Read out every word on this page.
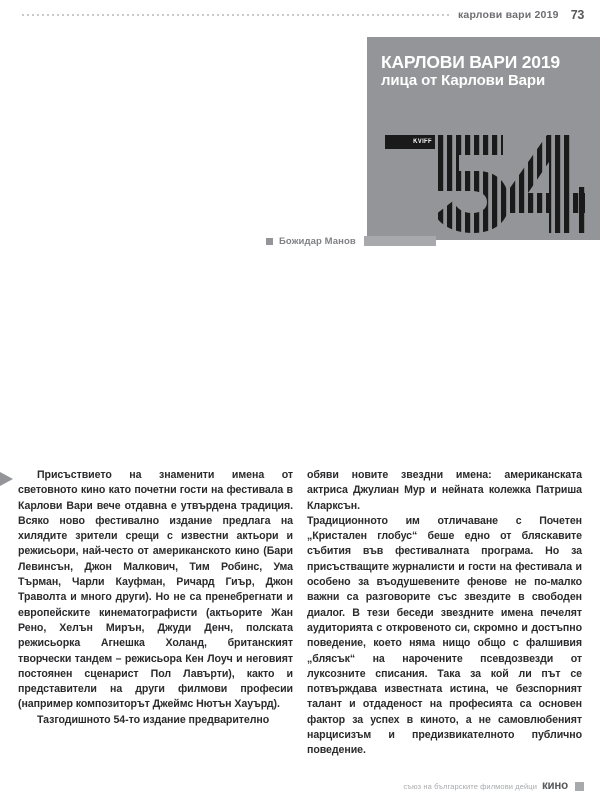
карлови вари 2019 73
КАРЛОВИ ВАРИ 2019
лица от Карлови Вари
KVIFF
Божидар Манов

Присъствието на знаменити имена от световното кино като почетни гости на фестивала в Карлови Вари вече отдавна е утвърдена традиция. Всяко ново фестивално издание предлага на хилядите зрители срещи с известни актьори и режисьори, най-често от американското кино (Бари Левинсън, Джон Малкович, Тим Робинс, Ума Търман, Чарли Кауфман, Ричард Гиър, Джон Траволта и много други). Но не са пренебрегнати и европейските кинематографисти (актьорите Жан Рено, Хелън Мирън, Джуди Денч, полската режисьорка Агнешка Холанд, британският творчески тандем – режисьора Кен Лоуч и неговият постоянен сценарист Пол Лавърти), както и представители на други филмови професии (например композиторът Джеймс Нютън Хауърд).

Тазгодишното 54-то издание предварително

обяви новите звездни имена: американската актриса Джулиан Мур и нейната колежка Патриша Кларксън.

Традиционното им отличаване с Почетен „Кристален глобус“ беше едно от блясκавите събития във фестивалната програма. Но за присъстващите журналисти и гости на фестивала и особено за въодушевените фенове не по-малко важни са разговорите със звездите в свободен диалог. В тези беседи звездните имена печелят аудиторията с откровеното си, скромно и достъпно поведение, което няма нищо общо с фалшивия „блясък“ на нарочените псевдозвезди от луксозните списания. Така за кой ли път се потвърждава известната истина, че безспорният талант и отдаденост на професията са основен фактор за успех в киното, а не самовлюбеният нарцисизъм и предизвикателното публично поведение.

съюз на българските филмови дейци кино
